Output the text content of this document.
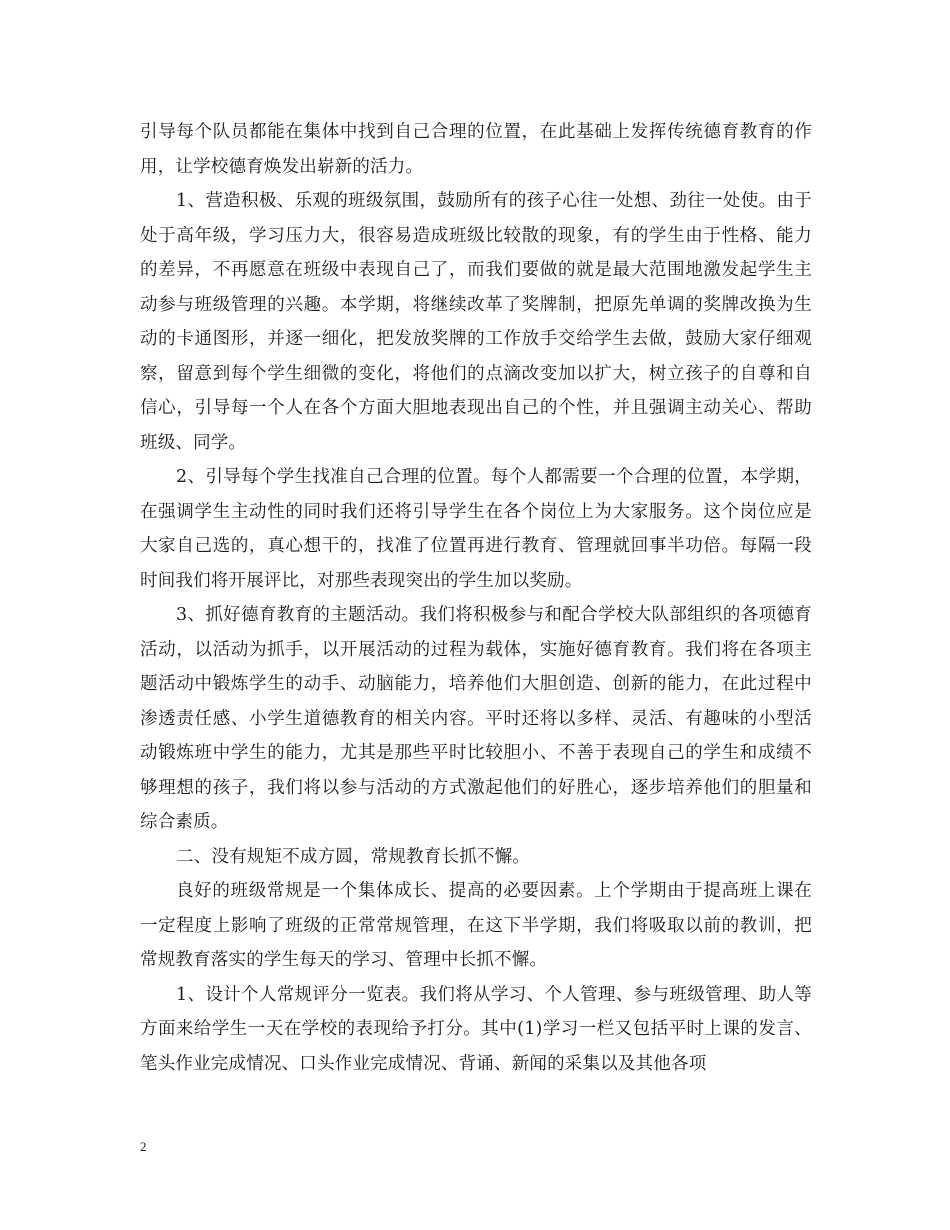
引导每个队员都能在集体中找到自己合理的位置，在此基础上发挥传统德育教育的作用，让学校德育焕发出崭新的活力。

1、营造积极、乐观的班级氛围，鼓励所有的孩子心往一处想、劲往一处使。由于处于高年级，学习压力大，很容易造成班级比较散的现象，有的学生由于性格、能力的差异，不再愿意在班级中表现自己了，而我们要做的就是最大范围地激发起学生主动参与班级管理的兴趣。本学期，将继续改革了奖牌制，把原先单调的奖牌改换为生动的卡通图形，并逐一细化，把发放奖牌的工作放手交给学生去做，鼓励大家仔细观察，留意到每个学生细微的变化，将他们的点滴改变加以扩大，树立孩子的自尊和自信心，引导每一个人在各个方面大胆地表现出自己的个性，并且强调主动关心、帮助班级、同学。

2、引导每个学生找准自己合理的位置。每个人都需要一个合理的位置，本学期，在强调学生主动性的同时我们还将引导学生在各个岗位上为大家服务。这个岗位应是大家自己选的，真心想干的，找准了位置再进行教育、管理就回事半功倍。每隔一段时间我们将开展评比，对那些表现突出的学生加以奖励。

3、抓好德育教育的主题活动。我们将积极参与和配合学校大队部组织的各项德育活动，以活动为抓手，以开展活动的过程为载体，实施好德育教育。我们将在各项主题活动中锻炼学生的动手、动脑能力，培养他们大胆创造、创新的能力，在此过程中渗透责任感、小学生道德教育的相关内容。平时还将以多样、灵活、有趣味的小型活动锻炼班中学生的能力，尤其是那些平时比较胆小、不善于表现自己的学生和成绩不够理想的孩子，我们将以参与活动的方式激起他们的好胜心，逐步培养他们的胆量和综合素质。

二、没有规矩不成方圆，常规教育长抓不懈。

良好的班级常规是一个集体成长、提高的必要因素。上个学期由于提高班上课在一定程度上影响了班级的正常常规管理，在这下半学期，我们将吸取以前的教训，把常规教育落实的学生每天的学习、管理中长抓不懈。

1、设计个人常规评分一览表。我们将从学习、个人管理、参与班级管理、助人等方面来给学生一天在学校的表现给予打分。其中(1)学习一栏又包括平时上课的发言、笔头作业完成情况、口头作业完成情况、背诵、新闻的采集以及其他各项

2
